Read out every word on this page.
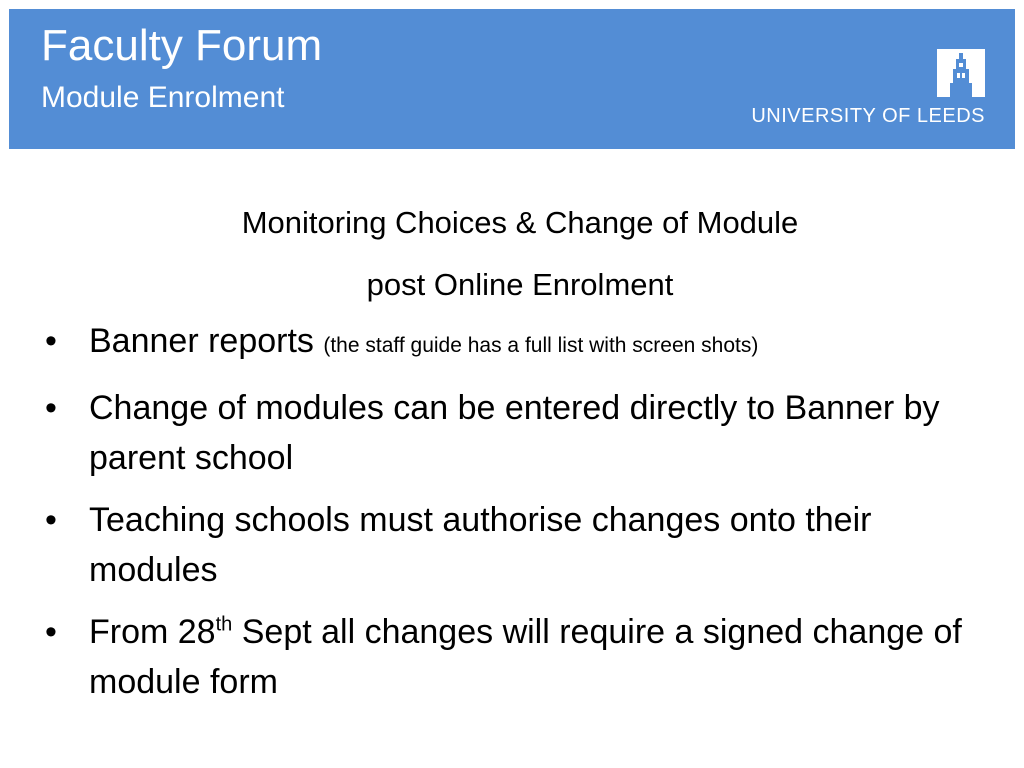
Faculty Forum
Module Enrolment
UNIVERSITY OF LEEDS
Monitoring Choices & Change of Module
post Online Enrolment
• Banner reports (the staff guide has a full list with screen shots)
• Change of modules can be entered directly to Banner by parent school
• Teaching schools must authorise changes onto their modules
• From 28th Sept all changes will require a signed change of module form
